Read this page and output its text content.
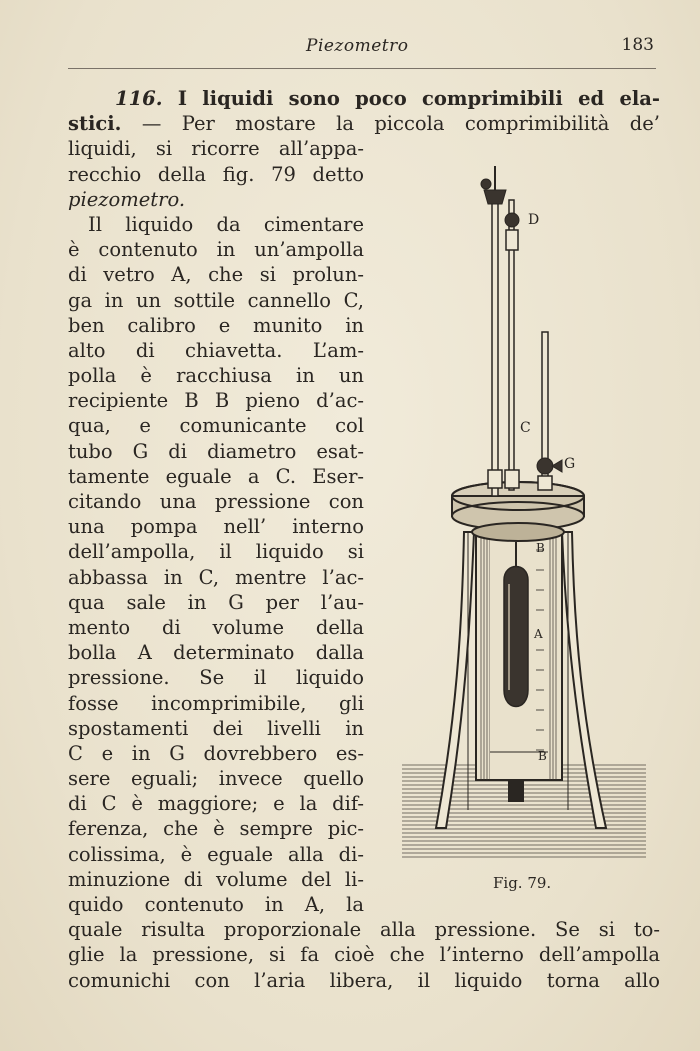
Piezometro	183
116. I liquidi sono poco comprimibili ed ela-
stici. — Per mostare la piccola comprimibilità de’
liquidi, si ricorre all’appa-
recchio della fig. 79 detto
piezometro.
Il liquido da cimentare
è contenuto in un’ampolla
di vetro A, che si prolun-
ga in un sottile cannello C,
ben calibro e munito in
alto di chiavetta. L’am-
polla è racchiusa in un
recipiente B B pieno d’ac-
qua, e comunicante col
tubo G di diametro esat-
tamente eguale a C. Eser-
citando una pressione con
una pompa nell’ interno
dell’ampolla, il liquido si
abbassa in C, mentre l’ac-
qua sale in G per l’au-
mento di volume della
bolla A determinato dalla
pressione. Se il liquido
fosse incomprimibile, gli
spostamenti dei livelli in
C e in G dovrebbero es-
sere eguali; invece quello
di C è maggiore; e la dif-
ferenza, che è sempre pic-
colissima, è eguale alla di-
minuzione di volume del li-
quido contenuto in A, la
quale risulta proporzionale alla pressione. Se si to-
glie la pressione, si fa cioè che l’interno dell’ampolla
comunichi con l’aria libera, il liquido torna allo
D
C
G
B
A
B
Fig. 79.
